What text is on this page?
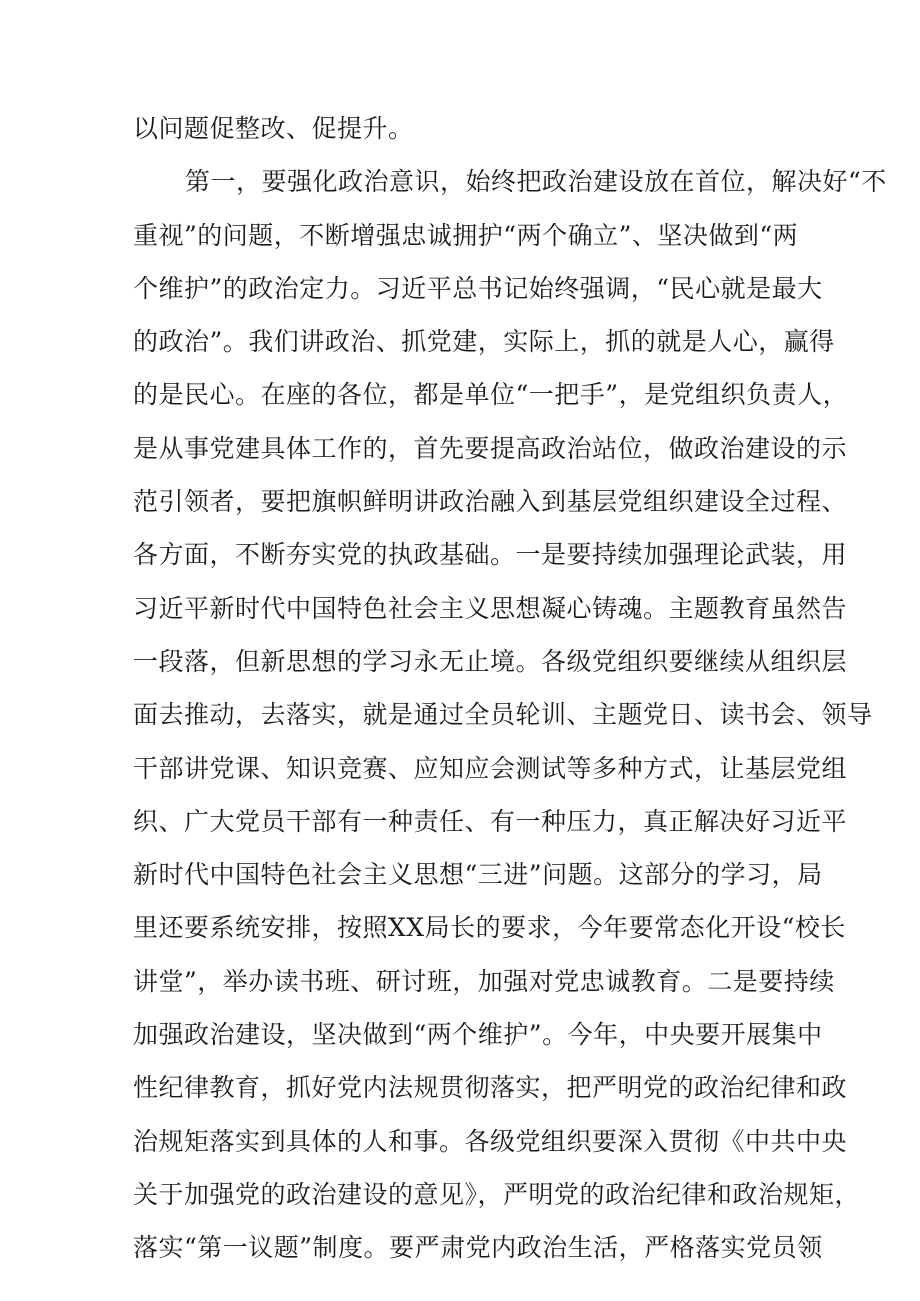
以问题促整改、促提升。
第一，要强化政治意识，始终把政治建设放在首位，解决好“不
重视”的问题，不断增强忠诚拥护“两个确立”、坚决做到“两
个维护”的政治定力。习近平总书记始终强调，“民心就是最大
的政治”。我们讲政治、抓党建，实际上，抓的就是人心，赢得
的是民心。在座的各位，都是单位“一把手”，是党组织负责人，
是从事党建具体工作的，首先要提高政治站位，做政治建设的示
范引领者，要把旗帜鲜明讲政治融入到基层党组织建设全过程、
各方面，不断夯实党的执政基础。一是要持续加强理论武装，用
习近平新时代中国特色社会主义思想凝心铸魂。主题教育虽然告
一段落，但新思想的学习永无止境。各级党组织要继续从组织层
面去推动，去落实，就是通过全员轮训、主题党日、读书会、领导
干部讲党课、知识竞赛、应知应会测试等多种方式，让基层党组
织、广大党员干部有一种责任、有一种压力，真正解决好习近平
新时代中国特色社会主义思想“三进”问题。这部分的学习，局
里还要系统安排，按照XX局长的要求，今年要常态化开设“校长
讲堂”，举办读书班、研讨班，加强对党忠诚教育。二是要持续
加强政治建设，坚决做到“两个维护”。今年，中央要开展集中
性纪律教育，抓好党内法规贯彻落实，把严明党的政治纪律和政
治规矩落实到具体的人和事。各级党组织要深入贯彻《中共中央
关于加强党的政治建设的意见》，严明党的政治纪律和政治规矩，
落实“第一议题”制度。要严肃党内政治生活，严格落实党员领
